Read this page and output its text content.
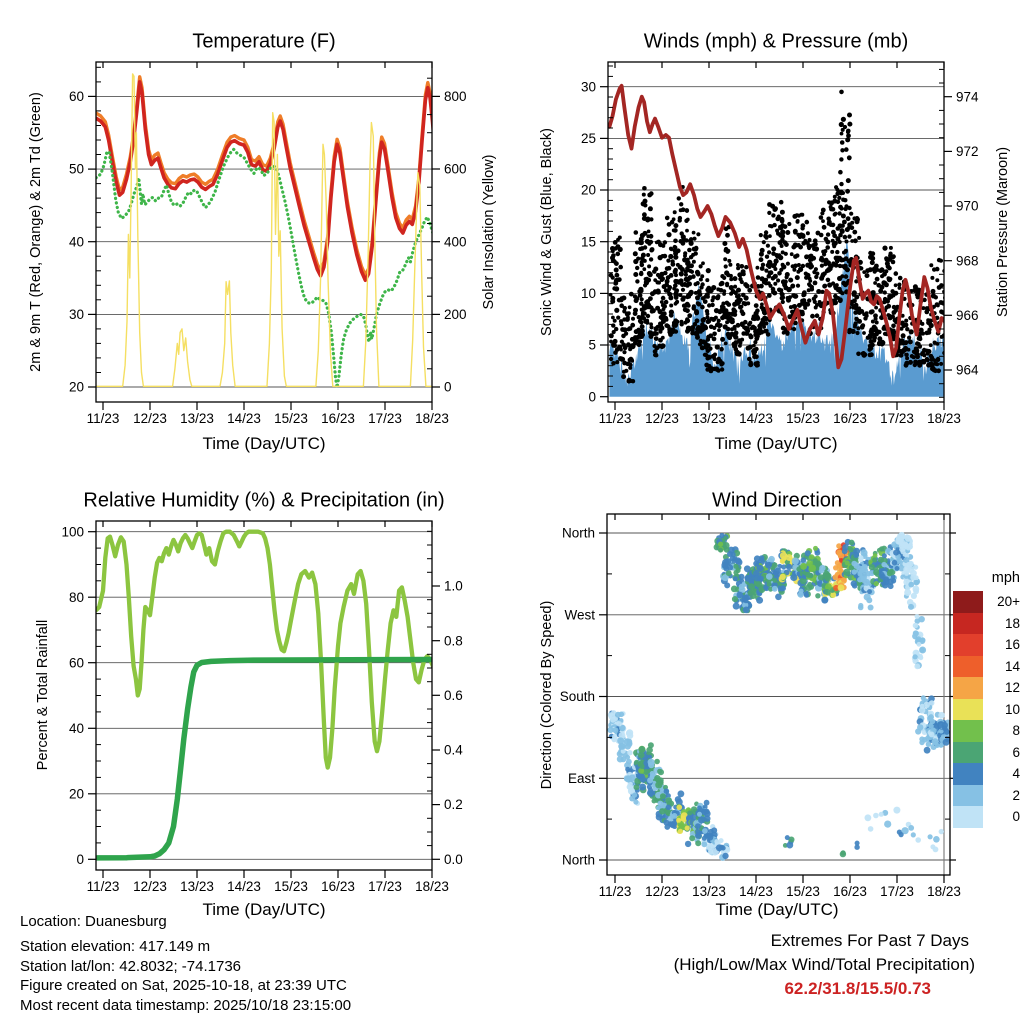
11/23 12/23 13/23 14/23 15/23 16/23 17/23 18/23
20
30
40
50
60
0
200
400
600
800
11/23 12/23 13/23 14/23 15/23 16/23 17/23 18/23
0
5
10
15
20
25
30
964
966
968
970
972
974
11/23 12/23 13/23 14/23 15/23 16/23 17/23 18/23
0
20
40
60
80
100
0.0
0.2
0.4
0.6
0.8
1.0
11/23 12/23 13/23 14/23 15/23 16/23 17/23 18/23
North
West
South
East
North
Temperature (F)	Winds (mph) & Pressure (mb)
Relative Humidity (%) & Precipitation (in)	Wind Direction
2m & 9m T (Red, Orange) & 2m Td (Green)	Solar Insolation (Yellow)	Sonic Wind & Gust (Blue, Black)	Station Pressure (Maroon)
Percent & Total Rainfall	Direction (Colored By Speed)
Time (Day/UTC)	Time (Day/UTC)
Time (Day/UTC)	Time (Day/UTC)
mph
20+
18
16
14
12
10
8
6
4
2
0
Location: Duanesburg
Station elevation: 417.149 m
Station lat/lon: 42.8032; -74.1736
Figure created on Sat, 2025-10-18, at 23:39 UTC
Most recent data timestamp: 2025/10/18 23:15:00
Extremes For Past 7 Days
(High/Low/Max Wind/Total Precipitation)
62.2/31.8/15.5/0.73
